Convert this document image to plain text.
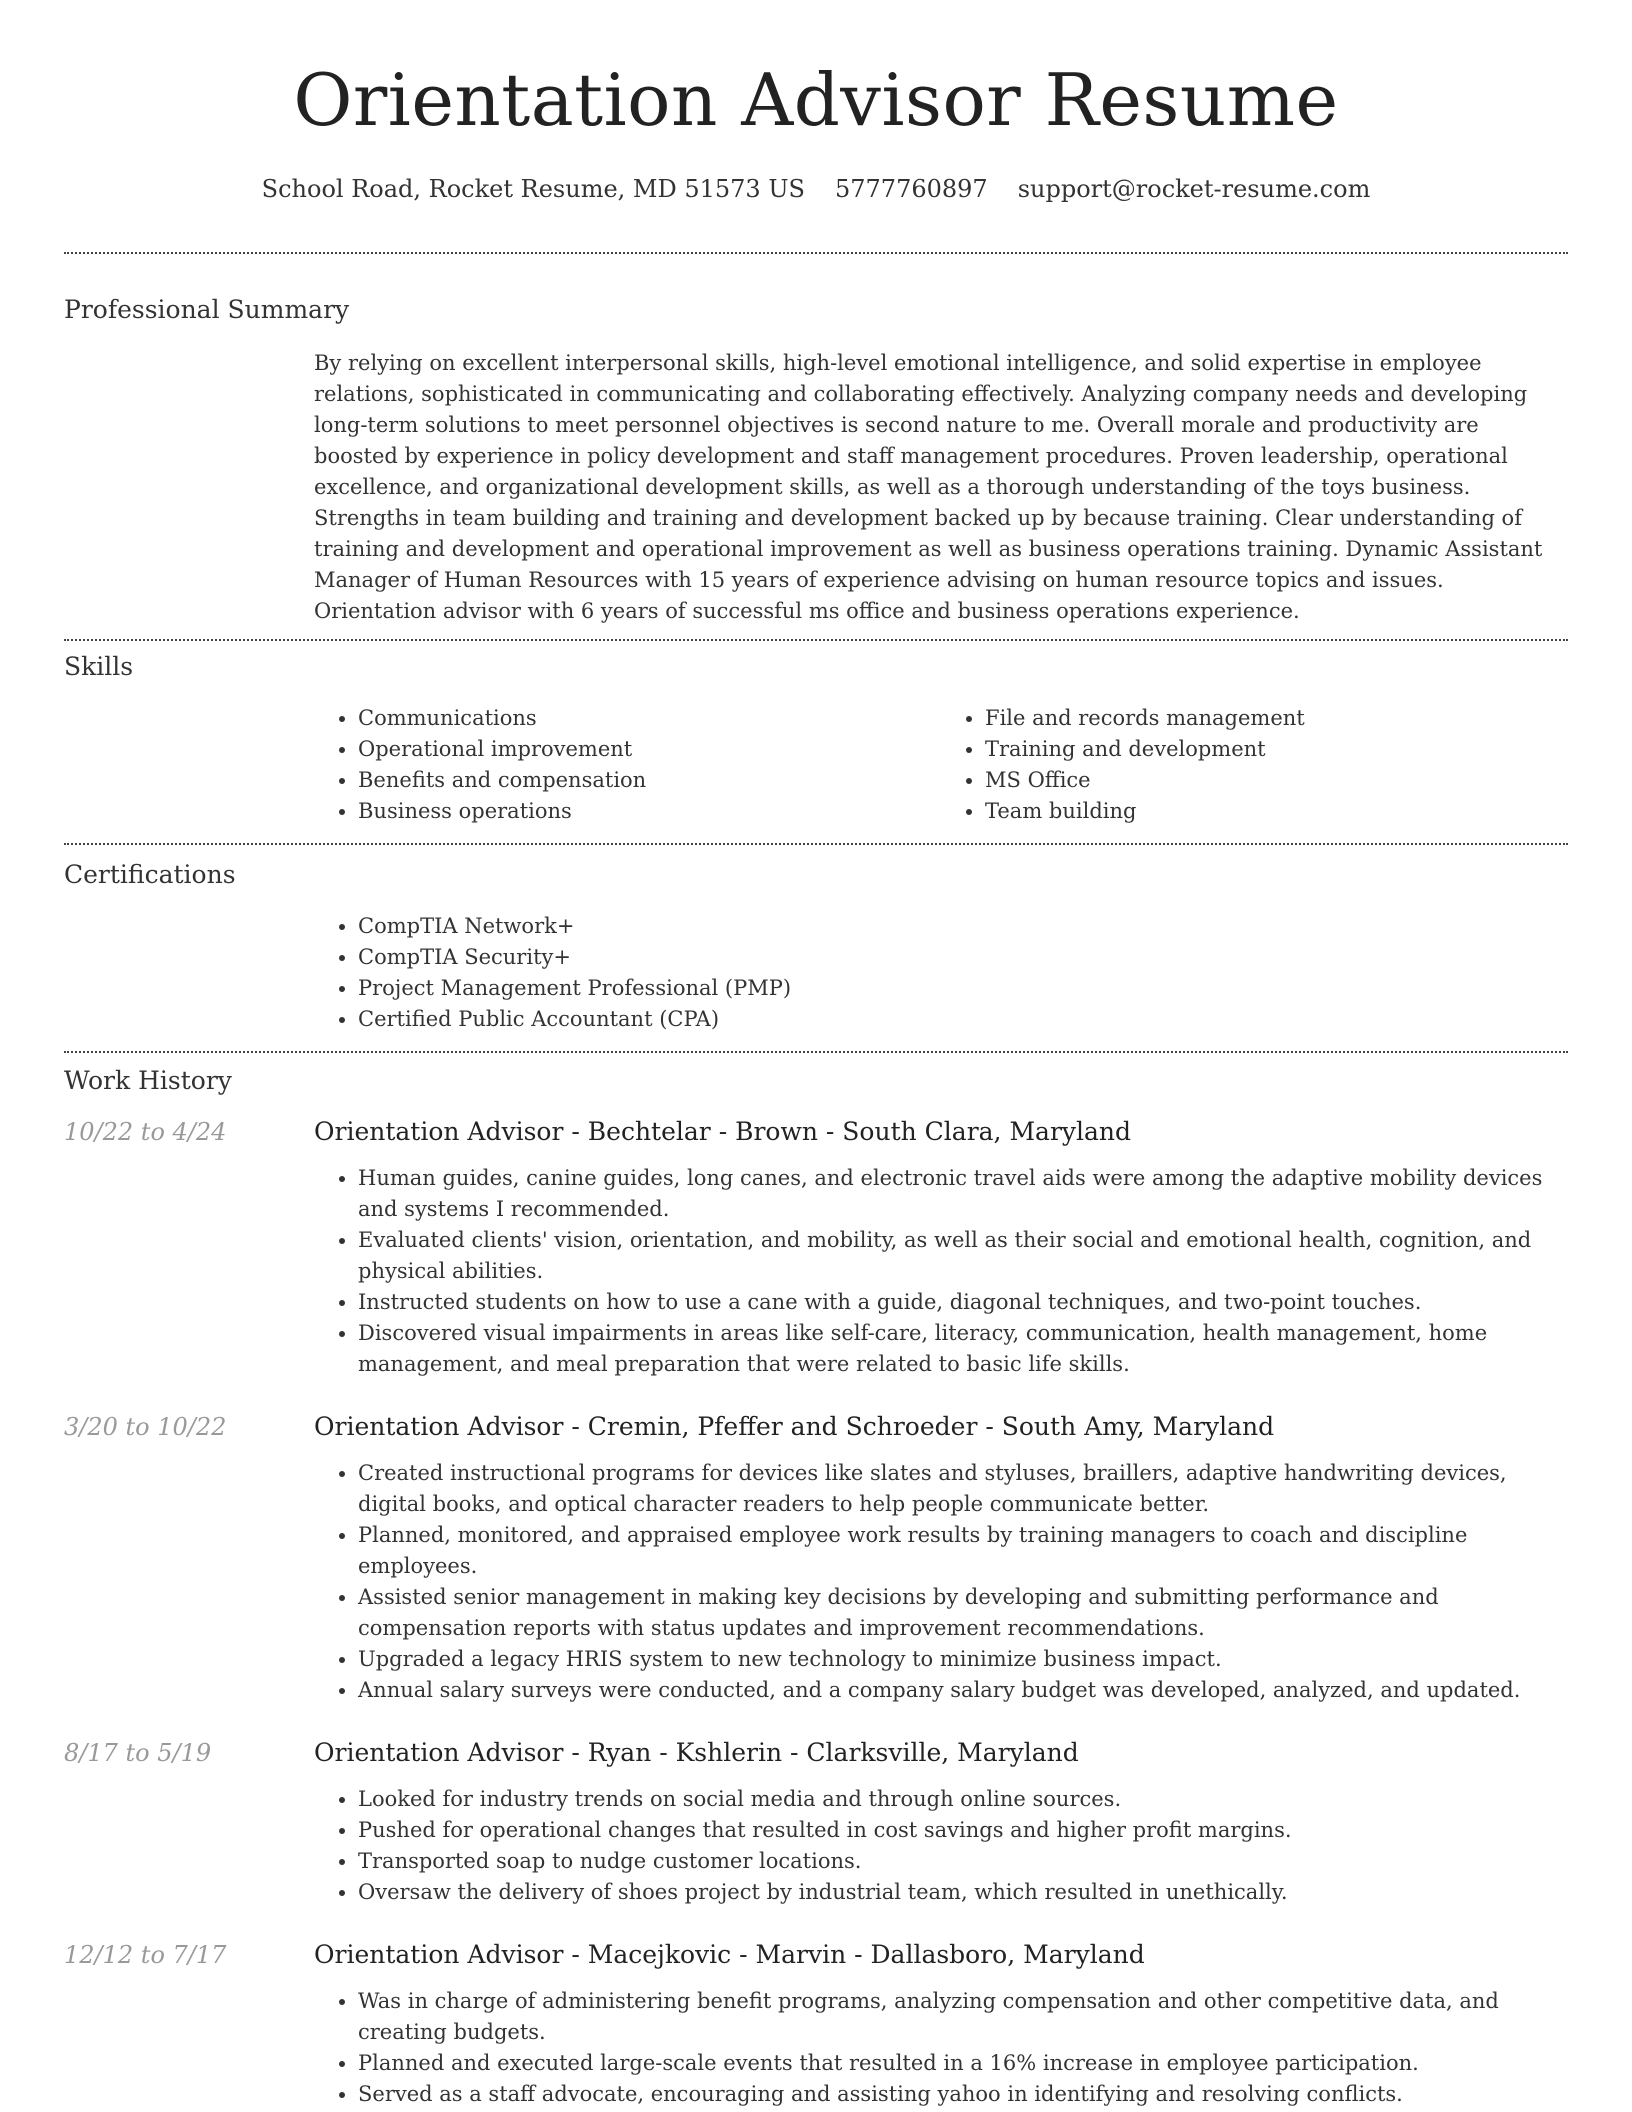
Orientation Advisor Resume
School Road, Rocket Resume, MD 51573 US 5777760897 support@rocket-resume.com
Professional Summary
By relying on excellent interpersonal skills, high-level emotional intelligence, and solid expertise in employee relations, sophisticated in communicating and collaborating effectively. Analyzing company needs and developing long-term solutions to meet personnel objectives is second nature to me. Overall morale and productivity are boosted by experience in policy development and staff management procedures. Proven leadership, operational excellence, and organizational development skills, as well as a thorough understanding of the toys business. Strengths in team building and training and development backed up by because training. Clear understanding of training and development and operational improvement as well as business operations training. Dynamic Assistant Manager of Human Resources with 15 years of experience advising on human resource topics and issues. Orientation advisor with 6 years of successful ms office and business operations experience.
Skills
• Communications
• Operational improvement
• Benefits and compensation
• Business operations
• File and records management
• Training and development
• MS Office
• Team building
Certifications
• CompTIA Network+
• CompTIA Security+
• Project Management Professional (PMP)
• Certified Public Accountant (CPA)
Work History
10/22 to 4/24	Orientation Advisor - Bechtelar - Brown - South Clara, Maryland
• Human guides, canine guides, long canes, and electronic travel aids were among the adaptive mobility devices and systems I recommended.
• Evaluated clients' vision, orientation, and mobility, as well as their social and emotional health, cognition, and physical abilities.
• Instructed students on how to use a cane with a guide, diagonal techniques, and two-point touches.
• Discovered visual impairments in areas like self-care, literacy, communication, health management, home management, and meal preparation that were related to basic life skills.
3/20 to 10/22	Orientation Advisor - Cremin, Pfeffer and Schroeder - South Amy, Maryland
• Created instructional programs for devices like slates and styluses, braillers, adaptive handwriting devices, digital books, and optical character readers to help people communicate better.
• Planned, monitored, and appraised employee work results by training managers to coach and discipline employees.
• Assisted senior management in making key decisions by developing and submitting performance and compensation reports with status updates and improvement recommendations.
• Upgraded a legacy HRIS system to new technology to minimize business impact.
• Annual salary surveys were conducted, and a company salary budget was developed, analyzed, and updated.
8/17 to 5/19	Orientation Advisor - Ryan - Kshlerin - Clarksville, Maryland
• Looked for industry trends on social media and through online sources.
• Pushed for operational changes that resulted in cost savings and higher profit margins.
• Transported soap to nudge customer locations.
• Oversaw the delivery of shoes project by industrial team, which resulted in unethically.
12/12 to 7/17	Orientation Advisor - Macejkovic - Marvin - Dallasboro, Maryland
• Was in charge of administering benefit programs, analyzing compensation and other competitive data, and creating budgets.
• Planned and executed large-scale events that resulted in a 16% increase in employee participation.
• Served as a staff advocate, encouraging and assisting yahoo in identifying and resolving conflicts.
